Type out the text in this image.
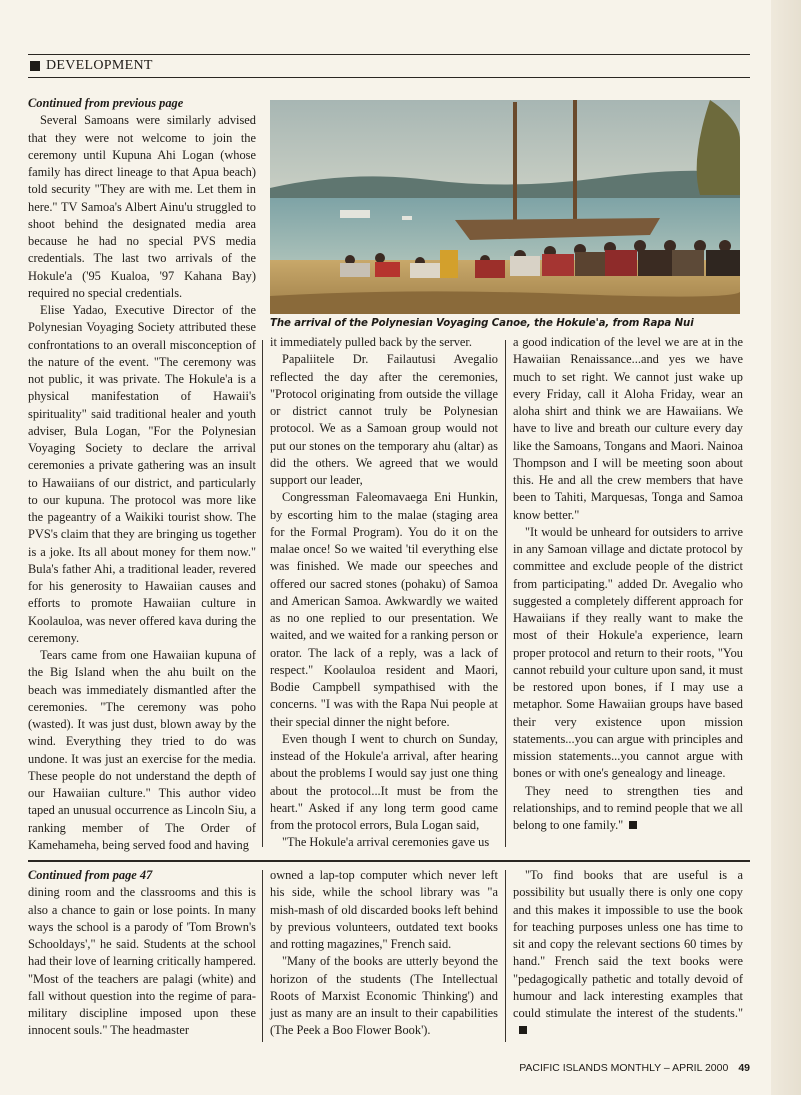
DEVELOPMENT
The arrival of the Polynesian Voyaging Canoe, the Hokule'a, from Rapa Nui

Continued from previous page

Several Samoans were similarly advised that they were not welcome to join the ceremony until Kupuna Ahi Logan (whose family has direct lineage to that Apua beach) told security "They are with me. Let them in here." TV Samoa's Albert Ainu'u struggled to shoot behind the designated media area because he had no special PVS media credentials. The last two arrivals of the Hokule'a ('95 Kualoa, '97 Kahana Bay) required no special credentials.

Elise Yadao, Executive Director of the Polynesian Voyaging Society attributed these confrontations to an overall misconception of the nature of the event. "The ceremony was not public, it was private. The Hokule'a is a physical manifestation of Hawaii's spirituality" said traditional healer and youth adviser, Bula Logan, "For the Polynesian Voyaging Society to declare the arrival ceremonies a private gathering was an insult to Hawaiians of our district, and particularly to our kupuna. The protocol was more like the pageantry of a Waikiki tourist show. The PVS's claim that they are bringing us together is a joke. Its all about money for them now." Bula's father Ahi, a traditional leader, revered for his generosity to Hawaiian causes and efforts to promote Hawaiian culture in Koolauloa, was never offered kava during the ceremony.

Tears came from one Hawaiian kupuna of the Big Island when the ahu built on the beach was immediately dismantled after the ceremonies. "The ceremony was poho (wasted). It was just dust, blown away by the wind. Everything they tried to do was undone. It was just an exercise for the media. These people do not understand the depth of our Hawaiian culture." This author video taped an unusual occurrence as Lincoln Siu, a ranking member of The Order of Kamehameha, being served food and having

it immediately pulled back by the server.

Papaliitele Dr. Failautusi Avegalio reflected the day after the ceremonies, "Protocol originating from outside the village or district cannot truly be Polynesian protocol. We as a Samoan group would not put our stones on the temporary ahu (altar) as did the others. We agreed that we would support our leader,

Congressman Faleomavaega Eni Hunkin, by escorting him to the malae (staging area for the Formal Program). You do it on the malae once! So we waited 'til everything else was finished. We made our speeches and offered our sacred stones (pohaku) of Samoa and American Samoa. Awkwardly we waited as no one replied to our presentation. We waited, and we waited for a ranking person or orator. The lack of a reply, was a lack of respect." Koolauloa resident and Maori, Bodie Campbell sympathised with the concerns. "I was with the Rapa Nui people at their special dinner the night before.

Even though I went to church on Sunday, instead of the Hokule'a arrival, after hearing about the problems I would say just one thing about the protocol...It must be from the heart." Asked if any long term good came from the protocol errors, Bula Logan said,

"The Hokule'a arrival ceremonies gave us

a good indication of the level we are at in the Hawaiian Renaissance...and yes we have much to set right. We cannot just wake up every Friday, call it Aloha Friday, wear an aloha shirt and think we are Hawaiians. We have to live and breath our culture every day like the Samoans, Tongans and Maori. Nainoa Thompson and I will be meeting soon about this. He and all the crew members that have been to Tahiti, Marquesas, Tonga and Samoa know better."

"It would be unheard for outsiders to arrive in any Samoan village and dictate protocol by committee and exclude people of the district from participating." added Dr. Avegalio who suggested a completely different approach for Hawaiians if they really want to make the most of their Hokule'a experience, learn proper protocol and return to their roots, "You cannot rebuild your culture upon sand, it must be restored upon bones, if I may use a metaphor. Some Hawaiian groups have based their very existence upon mission statements...you can argue with principles and mission statements...you cannot argue with bones or with one's genealogy and lineage.

They need to strengthen ties and relationships, and to remind people that we all belong to one family."

Continued from page 47

dining room and the classrooms and this is also a chance to gain or lose points. In many ways the school is a parody of 'Tom Brown's Schooldays'," he said. Students at the school had their love of learning critically hampered. "Most of the teachers are palagi (white) and fall without question into the regime of para-military discipline imposed upon these innocent souls." The headmaster

owned a lap-top computer which never left his side, while the school library was "a mish-mash of old discarded books left behind by previous volunteers, outdated text books and rotting magazines," French said.

"Many of the books are utterly beyond the horizon of the students (The Intellectual Roots of Marxist Economic Thinking') and just as many are an insult to their capabilities (The Peek a Boo Flower Book').

"To find books that are useful is a possibility but usually there is only one copy and this makes it impossible to use the book for teaching purposes unless one has time to sit and copy the relevant sections 60 times by hand." French said the text books were "pedagogically pathetic and totally devoid of humour and lack interesting examples that could stimulate the interest of the students."

PACIFIC ISLANDS MONTHLY – APRIL 2000 49
